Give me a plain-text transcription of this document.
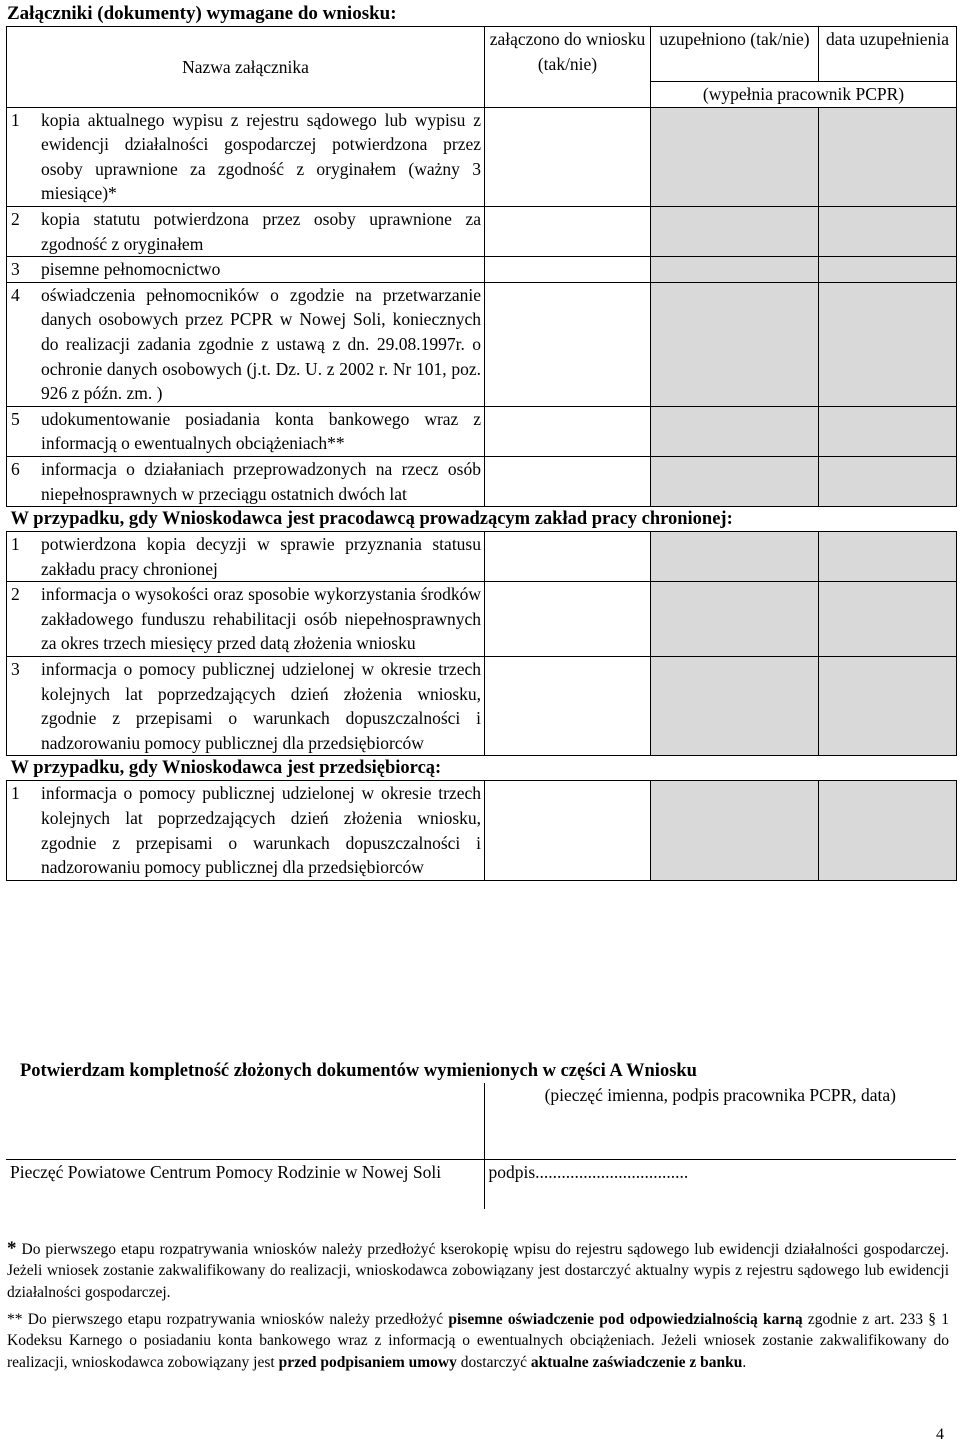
Załączniki (dokumenty) wymagane do wniosku:
Nazwa załącznika	załączono do wniosku (tak/nie)	uzupełniono (tak/nie)	data uzupełnienia
		(wypełnia pracownik PCPR)	

1 kopia aktualnego wypisu z rejestru sądowego lub wypisu z ewidencji działalności gospodarczej potwierdzona przez osoby uprawnione za zgodność z oryginałem (ważny 3 miesiące)*			

2 kopia statutu potwierdzona przez osoby uprawnione za zgodność z oryginałem			

3 pisemne pełnomocnictwo			

4 oświadczenia pełnomocników o zgodzie na przetwarzanie danych osobowych przez PCPR w Nowej Soli, koniecznych do realizacji zadania zgodnie z ustawą z dn. 29.08.1997r. o ochronie danych osobowych (j.t. Dz. U. z 2002 r. Nr 101, poz. 926 z późn. zm. )			

5 udokumentowanie posiadania konta bankowego wraz z informacją o ewentualnych obciążeniach**			

6 informacja o działaniach przeprowadzonych na rzecz osób niepełnosprawnych w przeciągu ostatnich dwóch lat			

W przypadku, gdy Wnioskodawca jest pracodawcą prowadzącym zakład pracy chronionej:			

1 potwierdzona kopia decyzji w sprawie przyznania statusu zakładu pracy chronionej			

2 informacja o wysokości oraz sposobie wykorzystania środków zakładowego funduszu rehabilitacji osób niepełnosprawnych za okres trzech miesięcy przed datą złożenia wniosku			

3 informacja o pomocy publicznej udzielonej w okresie trzech kolejnych lat poprzedzających dzień złożenia wniosku, zgodnie z przepisami o warunkach dopuszczalności i nadzorowaniu pomocy publicznej dla przedsiębiorców			

W przypadku, gdy Wnioskodawca jest przedsiębiorcą:			

1 informacja o pomocy publicznej udzielonej w okresie trzech kolejnych lat poprzedzających dzień złożenia wniosku, zgodnie z przepisami o warunkach dopuszczalności i nadzorowaniu pomocy publicznej dla przedsiębiorców			

Potwierdzam kompletność złożonych dokumentów wymienionych w części A Wniosku	
	(pieczęć imienna, podpis pracownika PCPR, data)
Pieczęć Powiatowe Centrum Pomocy Rodzinie w Nowej Soli	podpis...................................

* Do pierwszego etapu rozpatrywania wniosków należy przedłożyć kserokopię wpisu do rejestru sądowego lub ewidencji działalności gospodarczej. Jeżeli wniosek zostanie zakwalifikowany do realizacji, wnioskodawca zobowiązany jest dostarczyć aktualny wypis z rejestru sądowego lub ewidencji działalności gospodarczej.

** Do pierwszego etapu rozpatrywania wniosków należy przedłożyć pisemne oświadczenie pod odpowiedzialnością karną zgodnie z art. 233 § 1 Kodeksu Karnego o posiadaniu konta bankowego wraz z informacją o ewentualnych obciążeniach. Jeżeli wniosek zostanie zakwalifikowany do realizacji, wnioskodawca zobowiązany jest przed podpisaniem umowy dostarczyć aktualne zaświadczenie z banku.

4
